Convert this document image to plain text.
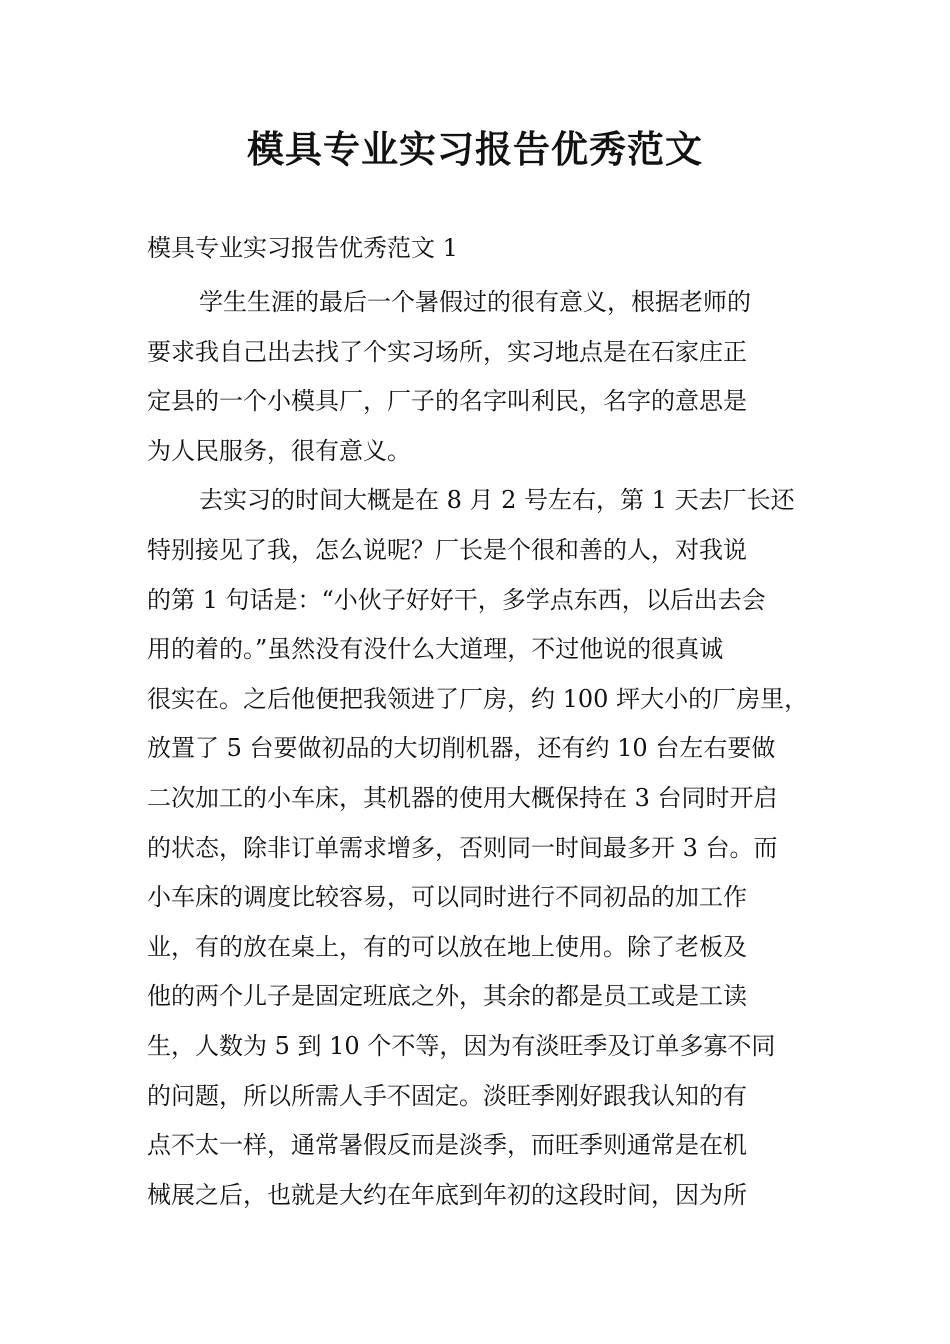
模具专业实习报告优秀范文

模具专业实习报告优秀范文 1

学生生涯的最后一个暑假过的很有意义，根据老师的
要求我自己出去找了个实习场所，实习地点是在石家庄正
定县的一个小模具厂，厂子的名字叫利民，名字的意思是
为人民服务，很有意义。
去实习的时间大概是在 8 月 2 号左右，第 1 天去厂长还
特别接见了我，怎么说呢？厂长是个很和善的人，对我说
的第 1 句话是：“小伙子好好干，多学点东西，以后出去会
用的着的。”虽然没有没什么大道理，不过他说的很真诚
很实在。之后他便把我领进了厂房，约 100 坪大小的厂房里，
放置了 5 台要做初品的大切削机器，还有约 10 台左右要做
二次加工的小车床，其机器的使用大概保持在 3 台同时开启
的状态，除非订单需求增多，否则同一时间最多开 3 台。而
小车床的调度比较容易，可以同时进行不同初品的加工作
业，有的放在桌上，有的可以放在地上使用。除了老板及
他的两个儿子是固定班底之外，其余的都是员工或是工读
生，人数为 5 到 10 个不等，因为有淡旺季及订单多寡不同
的问题，所以所需人手不固定。淡旺季刚好跟我认知的有
点不太一样，通常暑假反而是淡季，而旺季则通常是在机
械展之后，也就是大约在年底到年初的这段时间，因为所
